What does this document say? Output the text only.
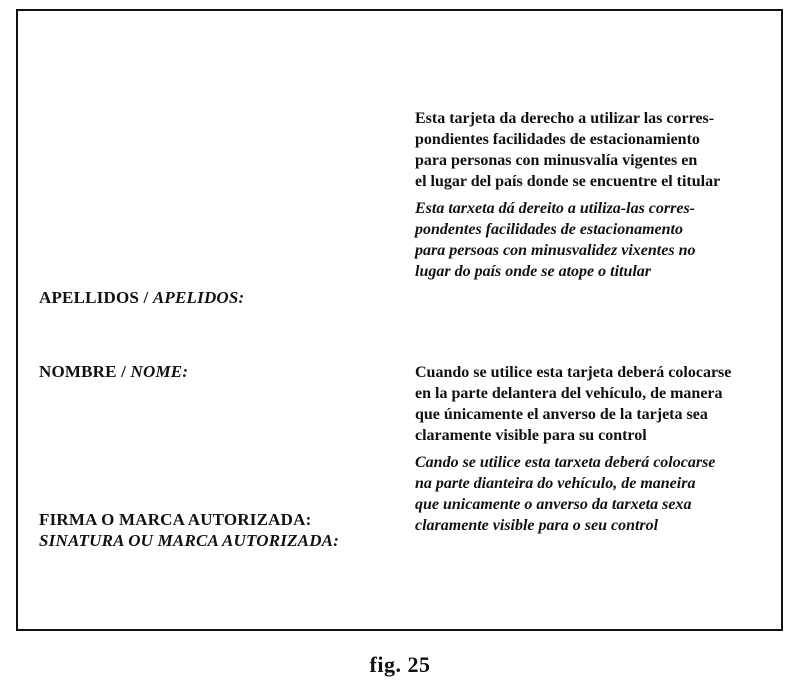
Esta tarjeta da derecho a utilizar las corres-
pondientes facilidades de estacionamiento
para personas con minusvalía vigentes en
el lugar del país donde se encuentre el titular
Esta tarxeta dá dereito a utiliza-las corres-
pondentes facilidades de estacionamento
para persoas con minusvalidez vixentes no
lugar do país onde se atope o titular
APELLIDOS / APELIDOS:
NOMBRE / NOME:	Cuando se utilice esta tarjeta deberá colocarse
en la parte delantera del vehículo, de manera
que únicamente el anverso de la tarjeta sea
claramente visible para su control
Cando se utilice esta tarxeta deberá colocarse
na parte dianteira do vehículo, de maneira
que unicamente o anverso da tarxeta sexa
claramente visible para o seu control
FIRMA O MARCA AUTORIZADA:
SINATURA OU MARCA AUTORIZADA:
fig. 25
